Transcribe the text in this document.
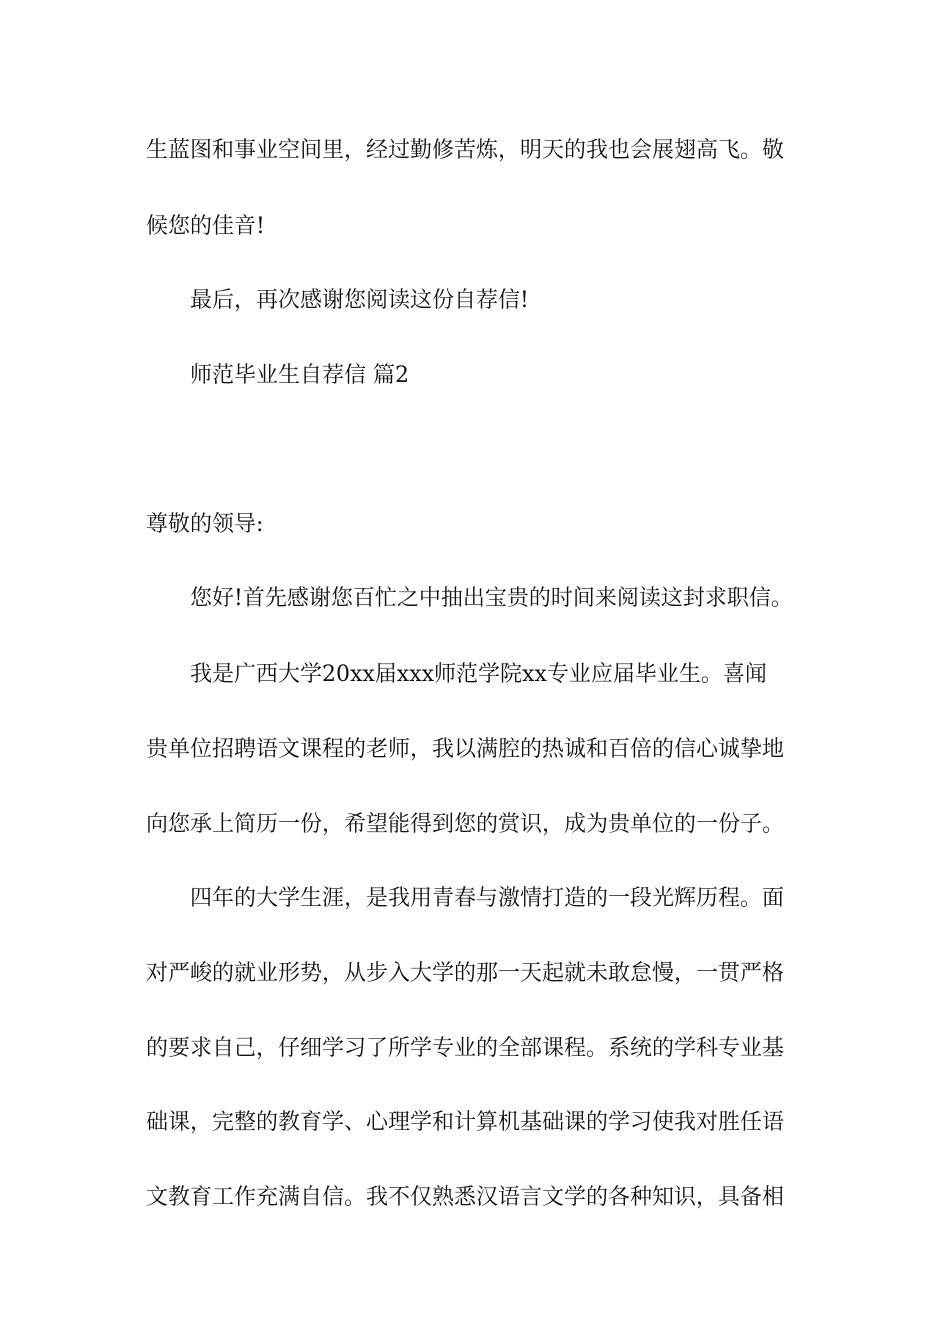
生蓝图和事业空间里，经过勤修苦炼，明天的我也会展翅高飞。敬
候您的佳音!
最后，再次感谢您阅读这份自荐信!
师范毕业生自荐信 篇2
尊敬的领导:
您好!首先感谢您百忙之中抽出宝贵的时间来阅读这封求职信。
我是广西大学20xx届xxx师范学院xx专业应届毕业生。喜闻
贵单位招聘语文课程的老师，我以满腔的热诚和百倍的信心诚挚地
向您承上简历一份，希望能得到您的赏识，成为贵单位的一份子。
四年的大学生涯，是我用青春与激情打造的一段光辉历程。面
对严峻的就业形势，从步入大学的那一天起就未敢怠慢，一贯严格
的要求自己，仔细学习了所学专业的全部课程。系统的学科专业基
础课，完整的教育学、心理学和计算机基础课的学习使我对胜任语
文教育工作充满自信。我不仅熟悉汉语言文学的各种知识，具备相
